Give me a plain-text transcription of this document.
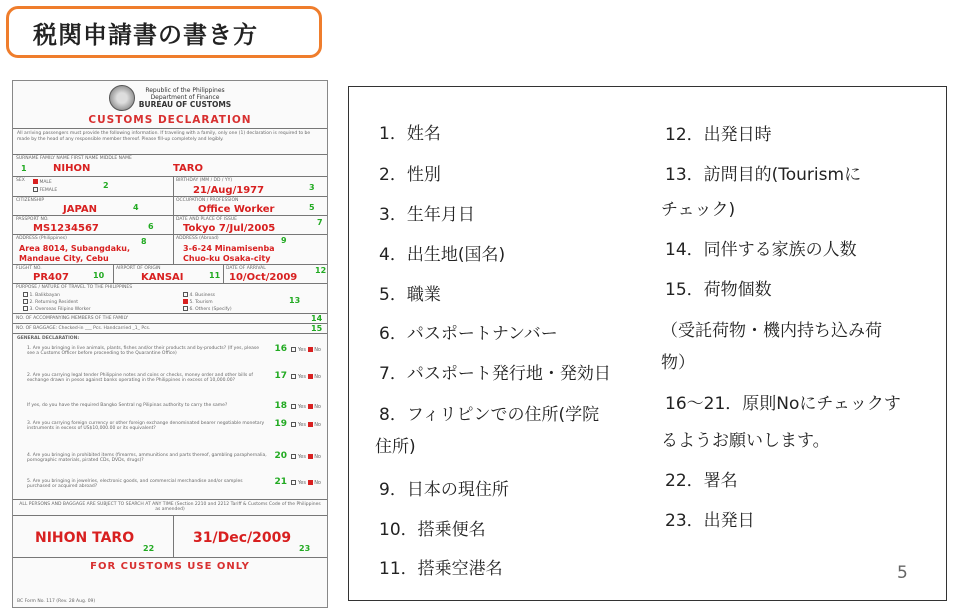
税関申請書の書き方
Republic of the Philippines
Department of Finance
BUREAU OF CUSTOMS
CUSTOMS DECLARATION
All arriving passengers must provide the following information. If traveling with a family, only one (1) declaration is required to be made by the head of any responsible member thereof. Please fill-up completely and legibly.
SURNAME FAMILY NAME FIRST NAME MIDDLE NAME
1	NIHON	TARO
SEX	MALE
FEMALE
2
BIRTHDAY (MM / DD / YY)
21/Aug/1977	3
CITIZENSHIP
JAPAN	4
OCCUPATION / PROFESSION
Office Worker	5
PASSPORT NO.
MS1234567	6
DATE AND PLACE OF ISSUE
Tokyo 7/Jul/2005
7
ADDRESS (Philippines)	8
Area 8014, Subangdaku,
Mandaue City, Cebu
ADDRESS (Abroad)	9
3-6-24 Minamisenba
Chuo-ku Osaka-city
FLIGHT NO.
PR407	10
AIRPORT OF ORIGIN
KANSAI	11
DATE OF ARRIVAL
10/Oct/2009
12
PURPOSE / NATURE OF TRAVEL TO THE PHILIPPINES
1. Balikbayan
2. Returning Resident
3. Overseas Filipino Worker
4. Business
5. Tourism
6. Others (Specify)
13
NO. OF ACCOMPANYING MEMBERS OF THE FAMILY	14
NO. OF BAGGAGE: Checked-in ___ Pcs. Handcarried _1_ Pcs.	15
GENERAL DECLARATION:
1. Are you bringing in live animals, plants, fishes and/or their products and by-products? (If yes, please see a Customs Officer before proceeding to the Quarantine Office)	16	Yes No
2. Are you carrying legal tender Philippine notes and coins or checks, money order and other bills of exchange drawn in pesos against banks operating in the Philippines in excess of 10,000.00?	17	Yes No
If yes, do you have the required Bangko Sentral ng Pilipinas authority to carry the same?	18	Yes No
3. Are you carrying foreign currency or other foreign exchange denominated bearer negotiable monetary instruments in excess of US$10,000.00 or its equivalent?	19	Yes No
4. Are you bringing in prohibited items (firearms, ammunitions and parts thereof, gambling paraphernalia, pornographic materials, pirated CDs, DVDs, drugs)?	20	Yes No
5. Are you bringing in jewelries, electronic goods, and commercial merchandise and/or samples purchased or acquired abroad?	21	Yes No
ALL PERSONS AND BAGGAGE ARE SUBJECT TO SEARCH AT ANY TIME (Section 2210 and 2212 Tariff & Customs Code of the Philippines as amended)
NIHON TARO
22
31/Dec/2009
23
FOR CUSTOMS USE ONLY
BC Form No. 117 (Rev. 28 Aug. 09)
1．姓名
2．性別
3．生年月日
4．出生地(国名)
5．職業
6．パスポートナンバー
7．パスポート発行地・発効日
8．フィリピンでの住所(学院
住所)
9．日本の現住所
10．搭乗便名
11．搭乗空港名
12．出発日時
13．訪問目的(Tourismに
チェック)
14．同伴する家族の人数
15．荷物個数
（受託荷物・機内持ち込み荷
物）
16～21．原則Noにチェックす
るようお願いします。
22．署名
23．出発日
5
